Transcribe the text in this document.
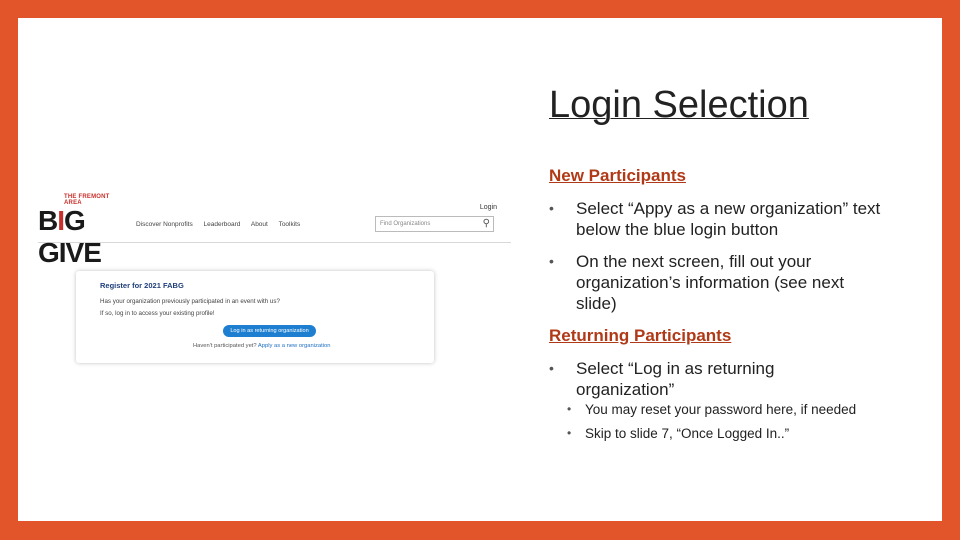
THE FREMONT AREA
BIG GIVE
Discover Nonprofits Leaderboard About Toolkits
Login
Find Organizations	⚲
Register for 2021 FABG
Has your organization previously participated in an event with us?
If so, log in to access your existing profile!
Log in as returning organization
Haven't participated yet? Apply as a new organization
Login Selection
New Participants
• Select “Appy as a new organization” text below the blue login button
• On the next screen, fill out your organization’s information (see next slide)
Returning Participants
• Select “Log in as returning organization”
• You may reset your password here, if needed
• Skip to slide 7, “Once Logged In..”
